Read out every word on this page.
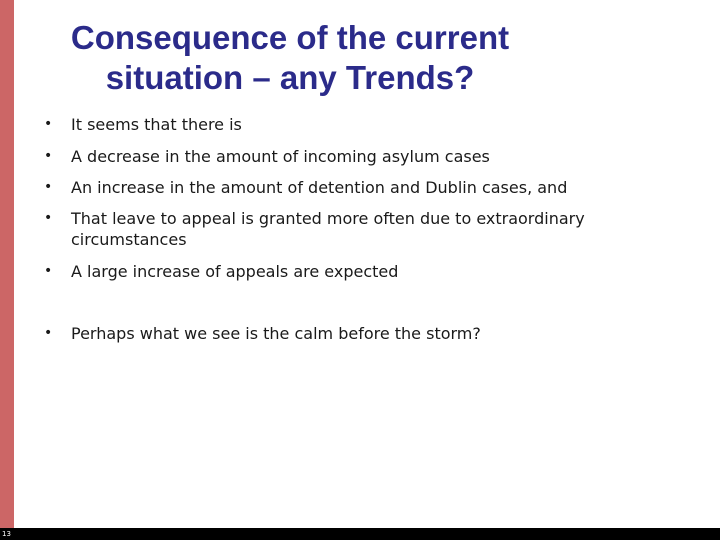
Consequence of the current
situation – any Trends?
•	It seems that there is
•	A decrease in the amount of incoming asylum cases
•	An increase in the amount of detention and Dublin cases, and
•	That leave to appeal is granted more often due to extraordinary circumstances
•	A large increase of appeals are expected
•	Perhaps what we see is the calm before the storm?
13
